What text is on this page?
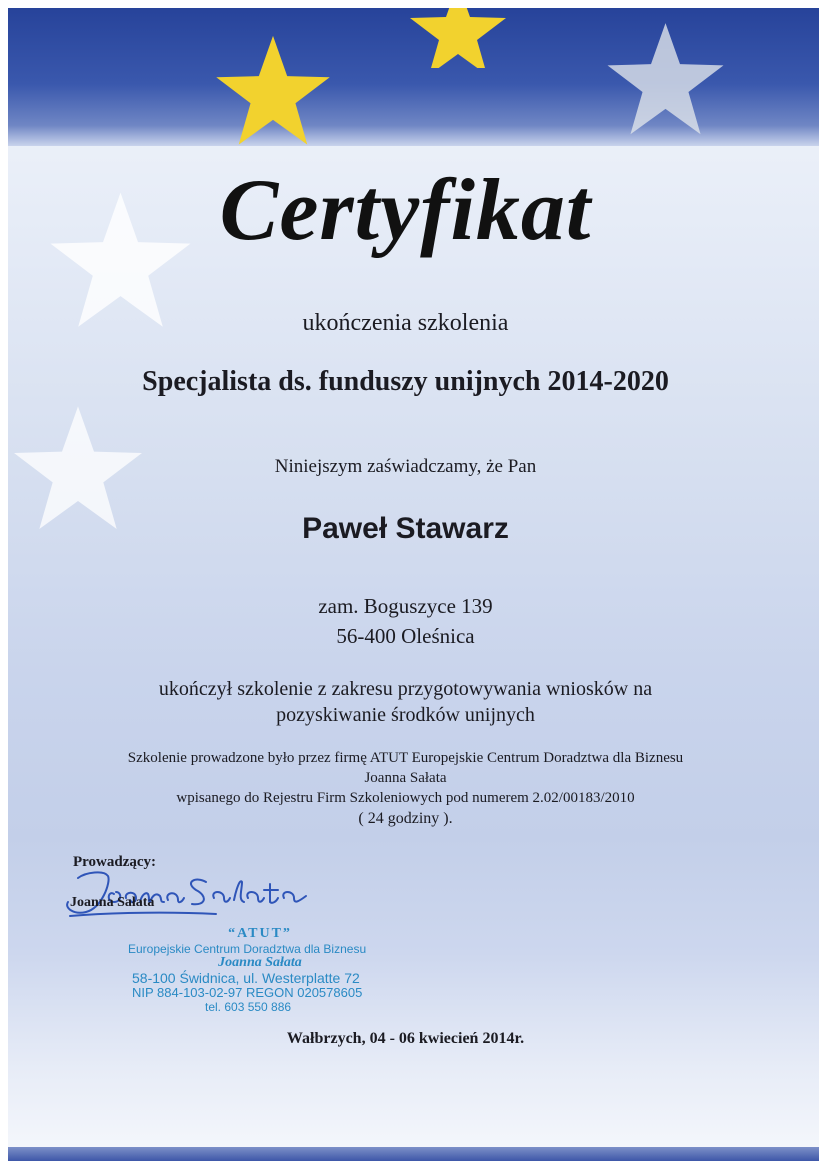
Certyfikat
ukończenia szkolenia
Specjalista ds. funduszy unijnych 2014-2020
Niniejszym zaświadczamy, że Pan
Paweł Stawarz
zam. Boguszyce 139
56-400 Oleśnica
ukończył szkolenie z zakresu przygotowywania wniosków na
pozyskiwanie środków unijnych
Szkolenie prowadzone było przez firmę ATUT Europejskie Centrum Doradztwa dla Biznesu
Joanna Sałata
wpisanego do Rejestru Firm Szkoleniowych pod numerem 2.02/00183/2010
( 24 godziny ).
Prowadzący:
Joanna Sałata
“ATUT”
Europejskie Centrum Doradztwa dla Biznesu
Joanna Sałata
58-100 Świdnica, ul. Westerplatte 72
NIP 884-103-02-97 REGON 020578605
tel. 603 550 886
Wałbrzych, 04 - 06 kwiecień 2014r.
